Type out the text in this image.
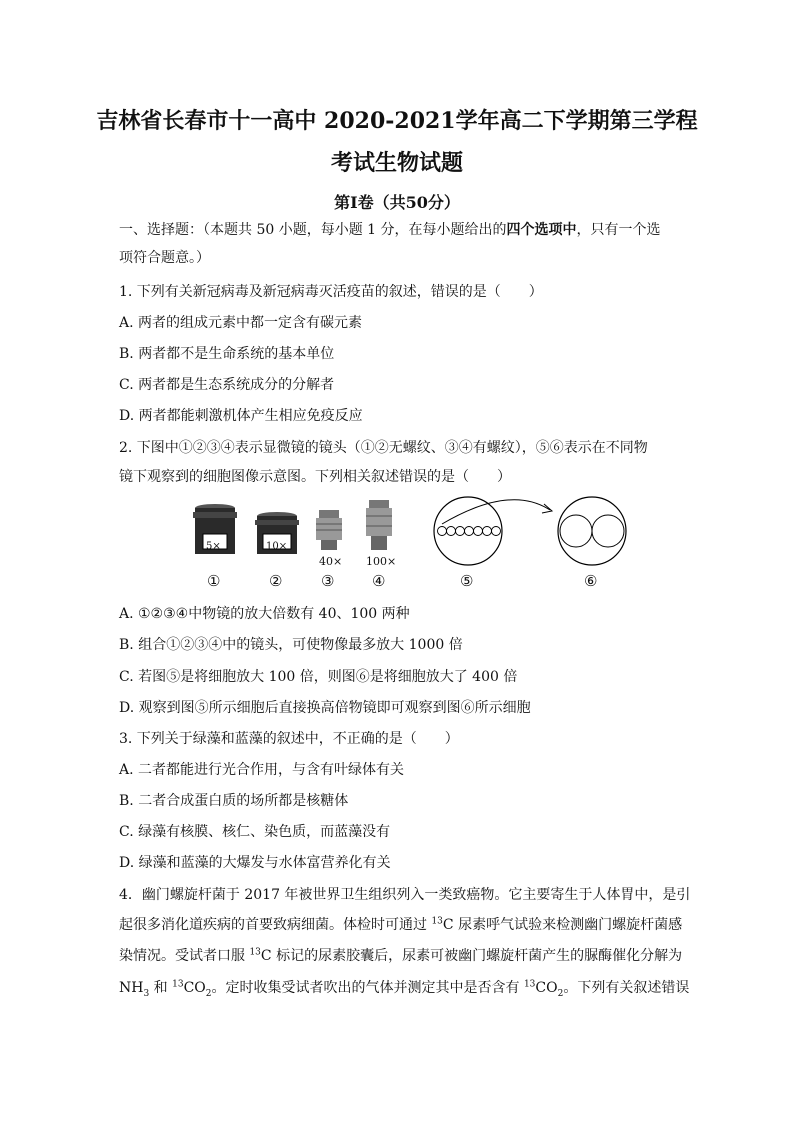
吉林省长春市十一高中 2020-2021学年高二下学期第三学程
考试生物试题
第Ⅰ卷（共50分）
一、选择题：（本题共 50 小题，每小题 1 分，在每小题给出的四个选项中，只有一个选
项符合题意。）
1. 下列有关新冠病毒及新冠病毒灭活疫苗的叙述，错误的是（　　）
A. 两者的组成元素中都一定含有碳元素
B. 两者都不是生命系统的基本单位
C. 两者都是生态系统成分的分解者
D. 两者都能刺激机体产生相应免疫反应
2. 下图中①②③④表示显微镜的镜头（①②无螺纹、③④有螺纹），⑤⑥表示在不同物
镜下观察到的细胞图像示意图。下列相关叙述错误的是（　　）
5×	10×
40× 100×
①	②	③	④	⑤	⑥
A. ①②③④中物镜的放大倍数有 40、100 两种
B. 组合①②③④中的镜头，可使物像最多放大 1000 倍
C. 若图⑤是将细胞放大 100 倍，则图⑥是将细胞放大了 400 倍
D. 观察到图⑤所示细胞后直接换高倍物镜即可观察到图⑥所示细胞
3. 下列关于绿藻和蓝藻的叙述中，不正确的是（　　）
A. 二者都能进行光合作用，与含有叶绿体有关
B. 二者合成蛋白质的场所都是核糖体
C. 绿藻有核膜、核仁、染色质，而蓝藻没有
D. 绿藻和蓝藻的大爆发与水体富营养化有关
4．幽门螺旋杆菌于 2017 年被世界卫生组织列入一类致癌物。它主要寄生于人体胃中，是引
起很多消化道疾病的首要致病细菌。体检时可通过 $^{13}$C 尿素呼气试验来检测幽门螺旋杆菌感
染情况。受试者口服 $^{13}$C 标记的尿素胶囊后，尿素可被幽门螺旋杆菌产生的脲酶催化分解为
$NH_3$ 和 $^{13}CO_2$。定时收集受试者吹出的气体并测定其中是否含有 $^{13}CO_2$。下列有关叙述错误
